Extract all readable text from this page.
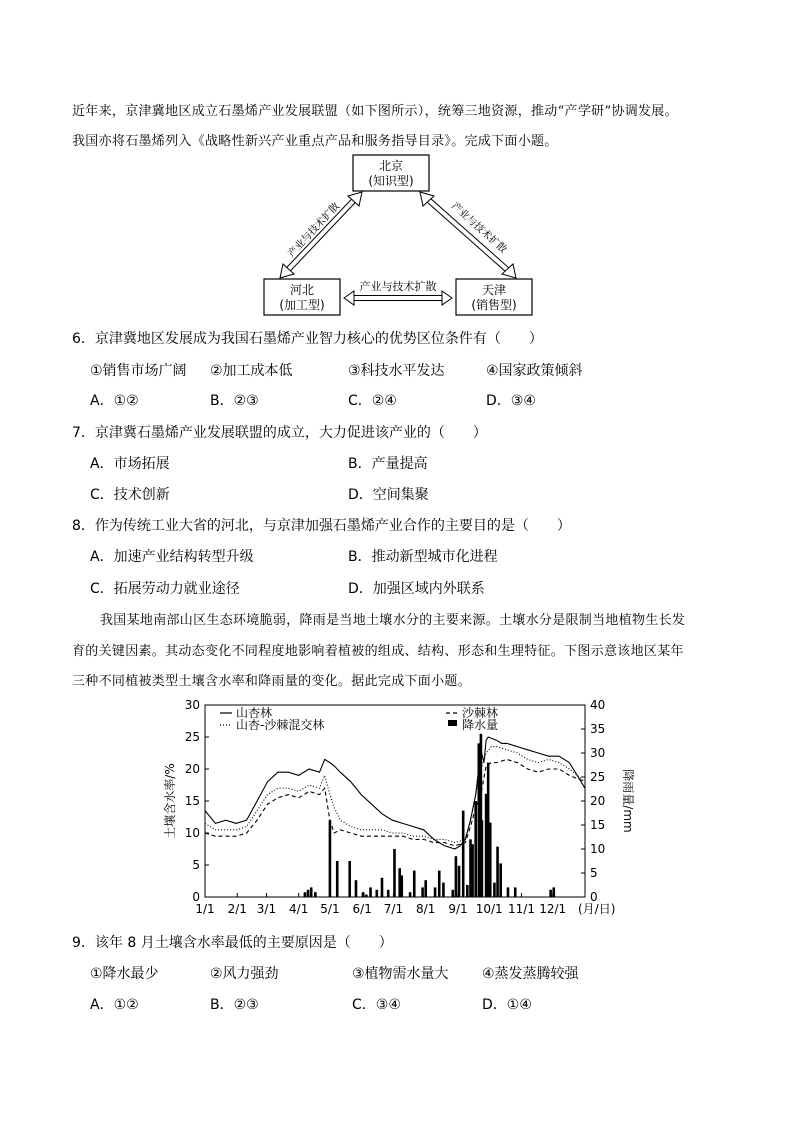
近年来，京津冀地区成立石墨烯产业发展联盟（如下图所示），统筹三地资源，推动“产学研”协调发展。
我国亦将石墨烯列入《战略性新兴产业重点产品和服务指导目录》。完成下面小题。
北京
(知识型)
河北
(加工型)
天津
(销售型)
产业与技术扩散	产业与技术扩散
产业与技术扩散
6．京津冀地区发展成为我国石墨烯产业智力核心的优势区位条件有（　　）
①销售市场广阔 ②加工成本低	③科技水平发达	④国家政策倾斜
A．①②	B．②③	C．②④	D．③④
7．京津冀石墨烯产业发展联盟的成立，大力促进该产业的（　　）
A．市场拓展	B．产量提高
C．技术创新	D．空间集聚
8．作为传统工业大省的河北，与京津加强石墨烯产业合作的主要目的是（　　）
A．加速产业结构转型升级	B．推动新型城市化进程
C．拓展劳动力就业途径	D．加强区域内外联系
我国某地南部山区生态环境脆弱，降雨是当地土壤水分的主要来源。土壤水分是限制当地植物生长发
育的关键因素。其动态变化不同程度地影响着植被的组成、结构、形态和生理特征。下图示意该地区某年
三种不同植被类型土壤含水率和降雨量的变化。据此完成下面小题。
0
5
10
15
20
25
30
0
5
10
15
20
25
30
35
40
1/1 2/1 3/1 4/1 5/1 6/1 7/1 8/1 9/1 10/1 11/1 12/1
土壤含水率/%	降雨量/mm
(月/日)
山杏林
山杏-沙棘混交林
沙棘林
降水量
9．该年 8 月土壤含水率最低的主要原因是（　　）
①降水最少	②风力强劲	③植物需水量大 ④蒸发蒸腾较强
A．①②	B．②③	C．③④	D．①④
